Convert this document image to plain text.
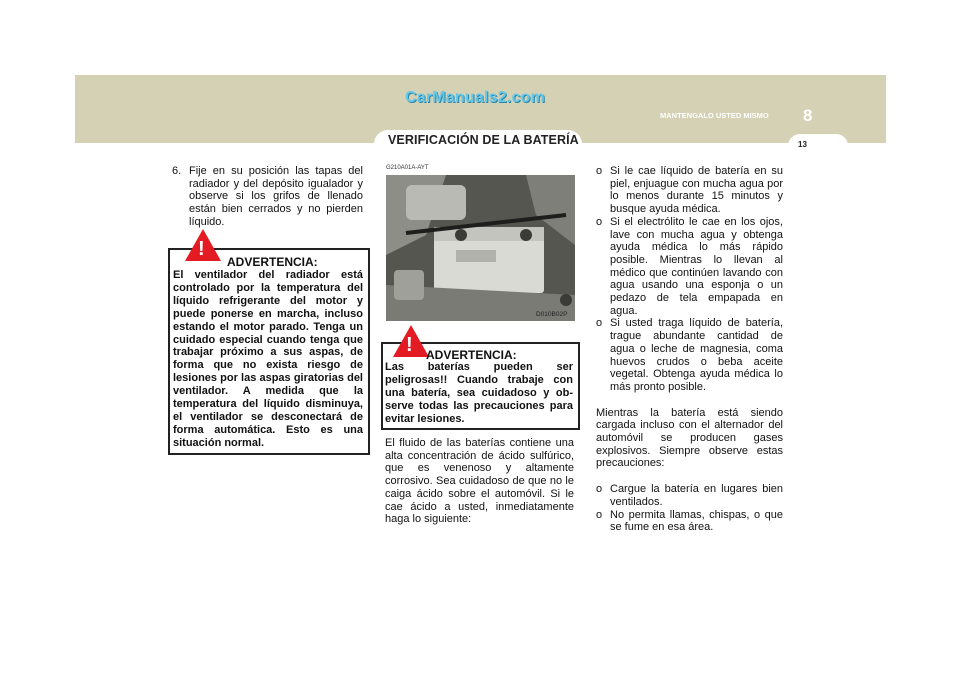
CarManuals2.com
MANTENGALO USTED MISMO 8
13
VERIFICACIÓN DE LA BATERÍA
6. Fije en su posición las tapas del radiador y del depósito igualador y observe si los grifos de llenado están bien cerrados y no pierden líquido.
!
ADVERTENCIA:
El ventilador del radiador está controlado por la temperatura del líquido refrigerante del motor y puede ponerse en marcha, incluso estando el motor parado. Tenga un cuidado especial cuando tenga que trabajar próximo a sus aspas, de forma que no exista riesgo de lesiones por las aspas giratorias del ventilador. A medida que la temperatura del líquido disminuya, el ventilador se desconectará de forma automática. Esto es una situación normal.
G210A01A-AYT
D010B02P
! ADVERTENCIA:
Las baterías pueden ser peligrosas!! Cuando trabaje con una batería, sea cuidadoso y ob-serve todas las precauciones para evitar lesiones.
El fluido de las baterías contiene una alta concentración de ácido sulfúrico, que es venenoso y altamente corrosivo. Sea cuidadoso de que no le caiga ácido sobre el automóvil. Si le cae ácido a usted, inmediatamente haga lo siguiente:
o Si le cae líquido de batería en su piel, enjuague con mucha agua por lo menos durante 15 minutos y busque ayuda médica.
o Si el electrólito le cae en los ojos, lave con mucha agua y obtenga ayuda médica lo más rápido posible. Mientras lo llevan al médico que continúen lavando con agua usando una esponja o un pedazo de tela empapada en agua.
o Si usted traga líquido de batería, trague abundante cantidad de agua o leche de magnesia, coma huevos crudos o beba aceite vegetal. Obtenga ayuda médica lo más pronto posible.
Mientras la batería está siendo cargada incluso con el alternador del automóvil se producen gases explosivos. Siempre observe estas precauciones:
o Cargue la batería en lugares bien ventilados.
o No permita llamas, chispas, o que se fume en esa área.
